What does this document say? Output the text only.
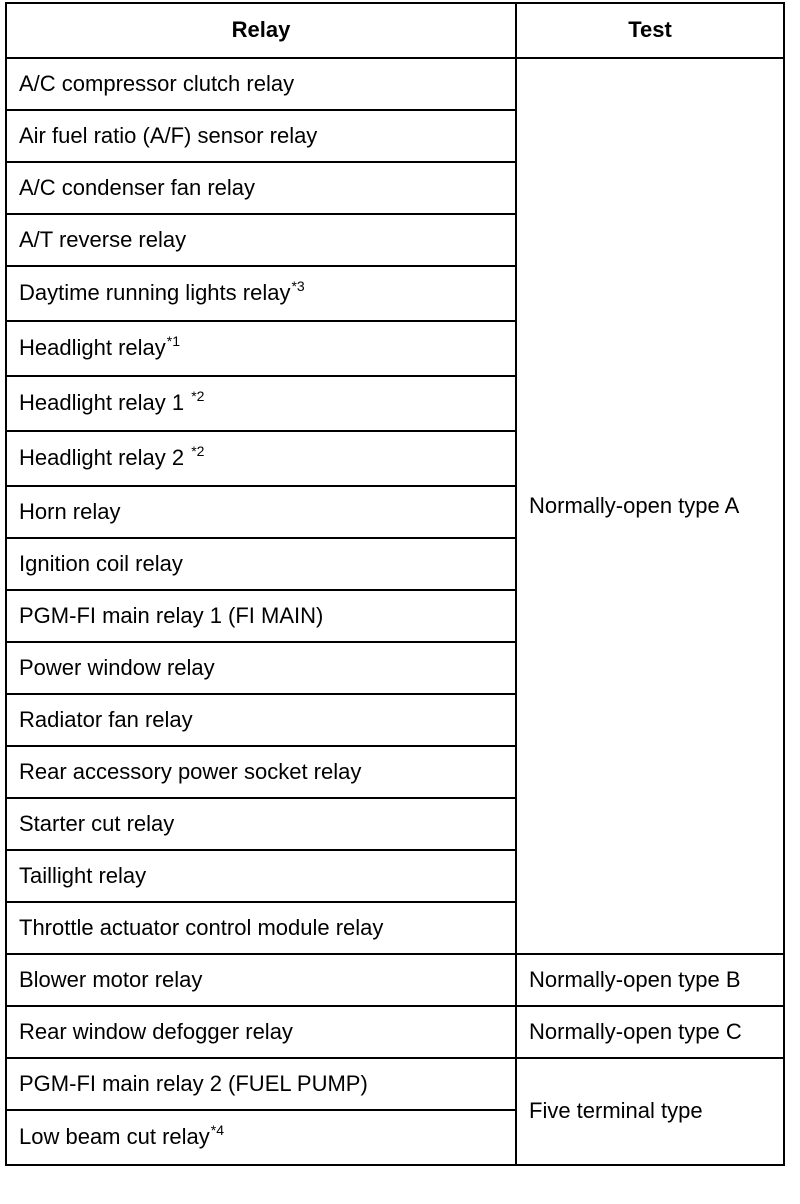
Relay	Test
A/C compressor clutch relay	Normally-open type A
Air fuel ratio (A/F) sensor relay	
A/C condenser fan relay	
A/T reverse relay	
Daytime running lights relay$^{*3}$
Headlight relay$^{*1}$
Headlight relay 1 $^{*2}$
Headlight relay 2 $^{*2}$
Horn relay	
Ignition coil relay	
PGM-FI main relay 1 (FI MAIN)	
Power window relay	
Radiator fan relay	
Rear accessory power socket relay	
Starter cut relay	
Taillight relay	
Throttle actuator control module relay	
Blower motor relay	Normally-open type B
Rear window defogger relay	Normally-open type C
PGM-FI main relay 2 (FUEL PUMP)	Five terminal type
Low beam cut relay$^{*4}$
